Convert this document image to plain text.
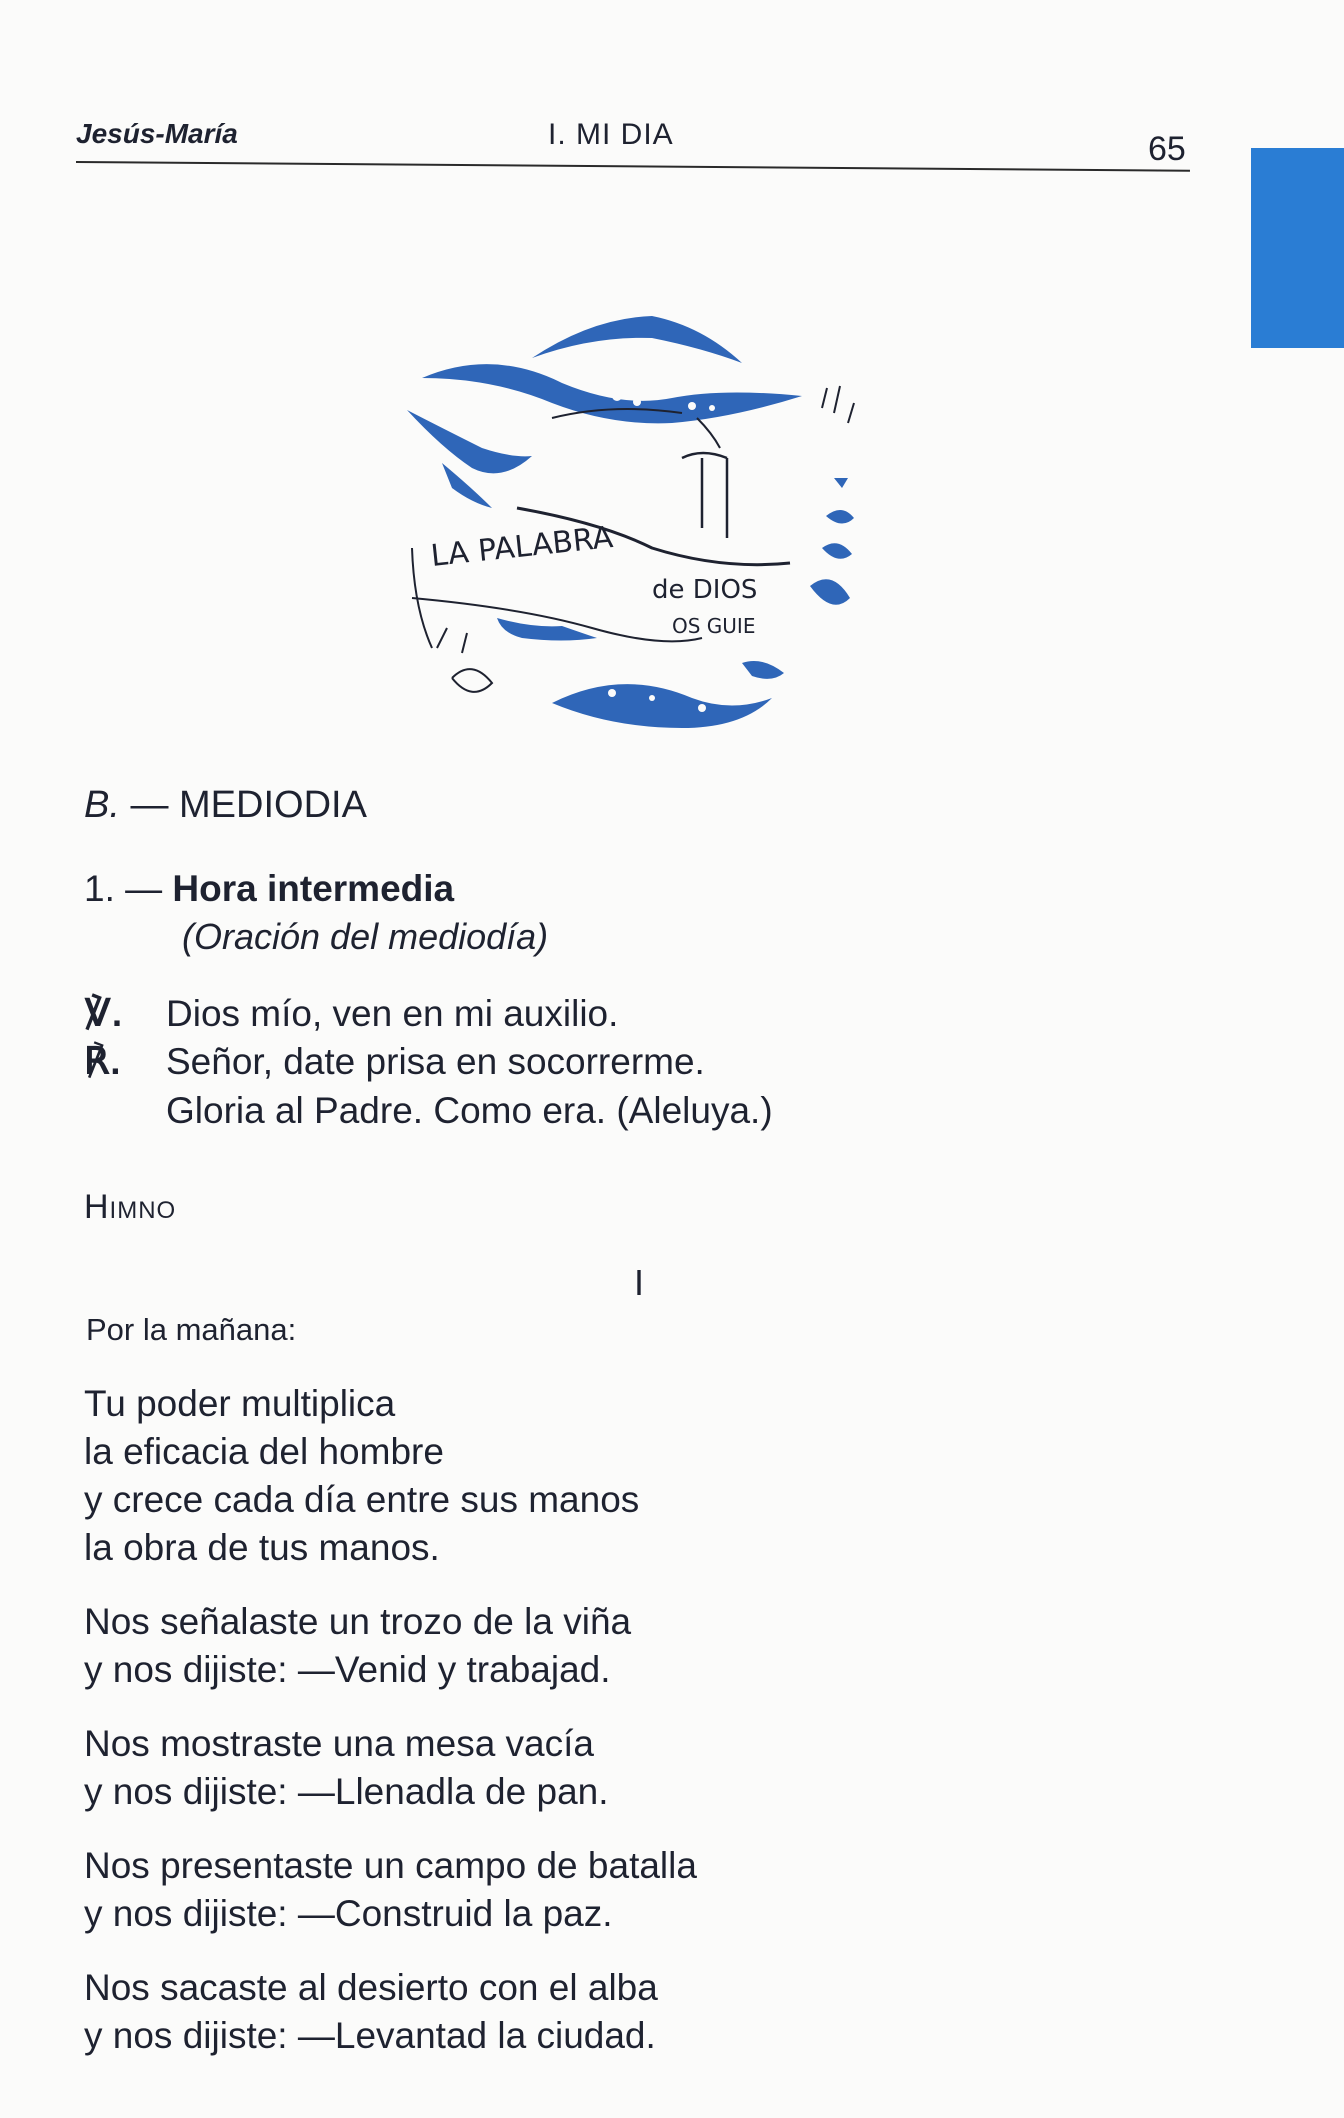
Jesús-María	I. MI DIA	65
LA PALABRA
de DIOS
OS GUIE
B. — MEDIODIA
1. — Hora intermedia
(Oración del mediodía)
℣. Dios mío, ven en mi auxilio.
℟. Señor, date prisa en socorrerme.
Gloria al Padre. Como era. (Aleluya.)
Himno
I
Por la mañana:
Tu poder multiplica
la eficacia del hombre
y crece cada día entre sus manos
la obra de tus manos.
Nos señalaste un trozo de la viña
y nos dijiste: —Venid y trabajad.
Nos mostraste una mesa vacía
y nos dijiste: —Llenadla de pan.
Nos presentaste un campo de batalla
y nos dijiste: —Construid la paz.
Nos sacaste al desierto con el alba
y nos dijiste: —Levantad la ciudad.
